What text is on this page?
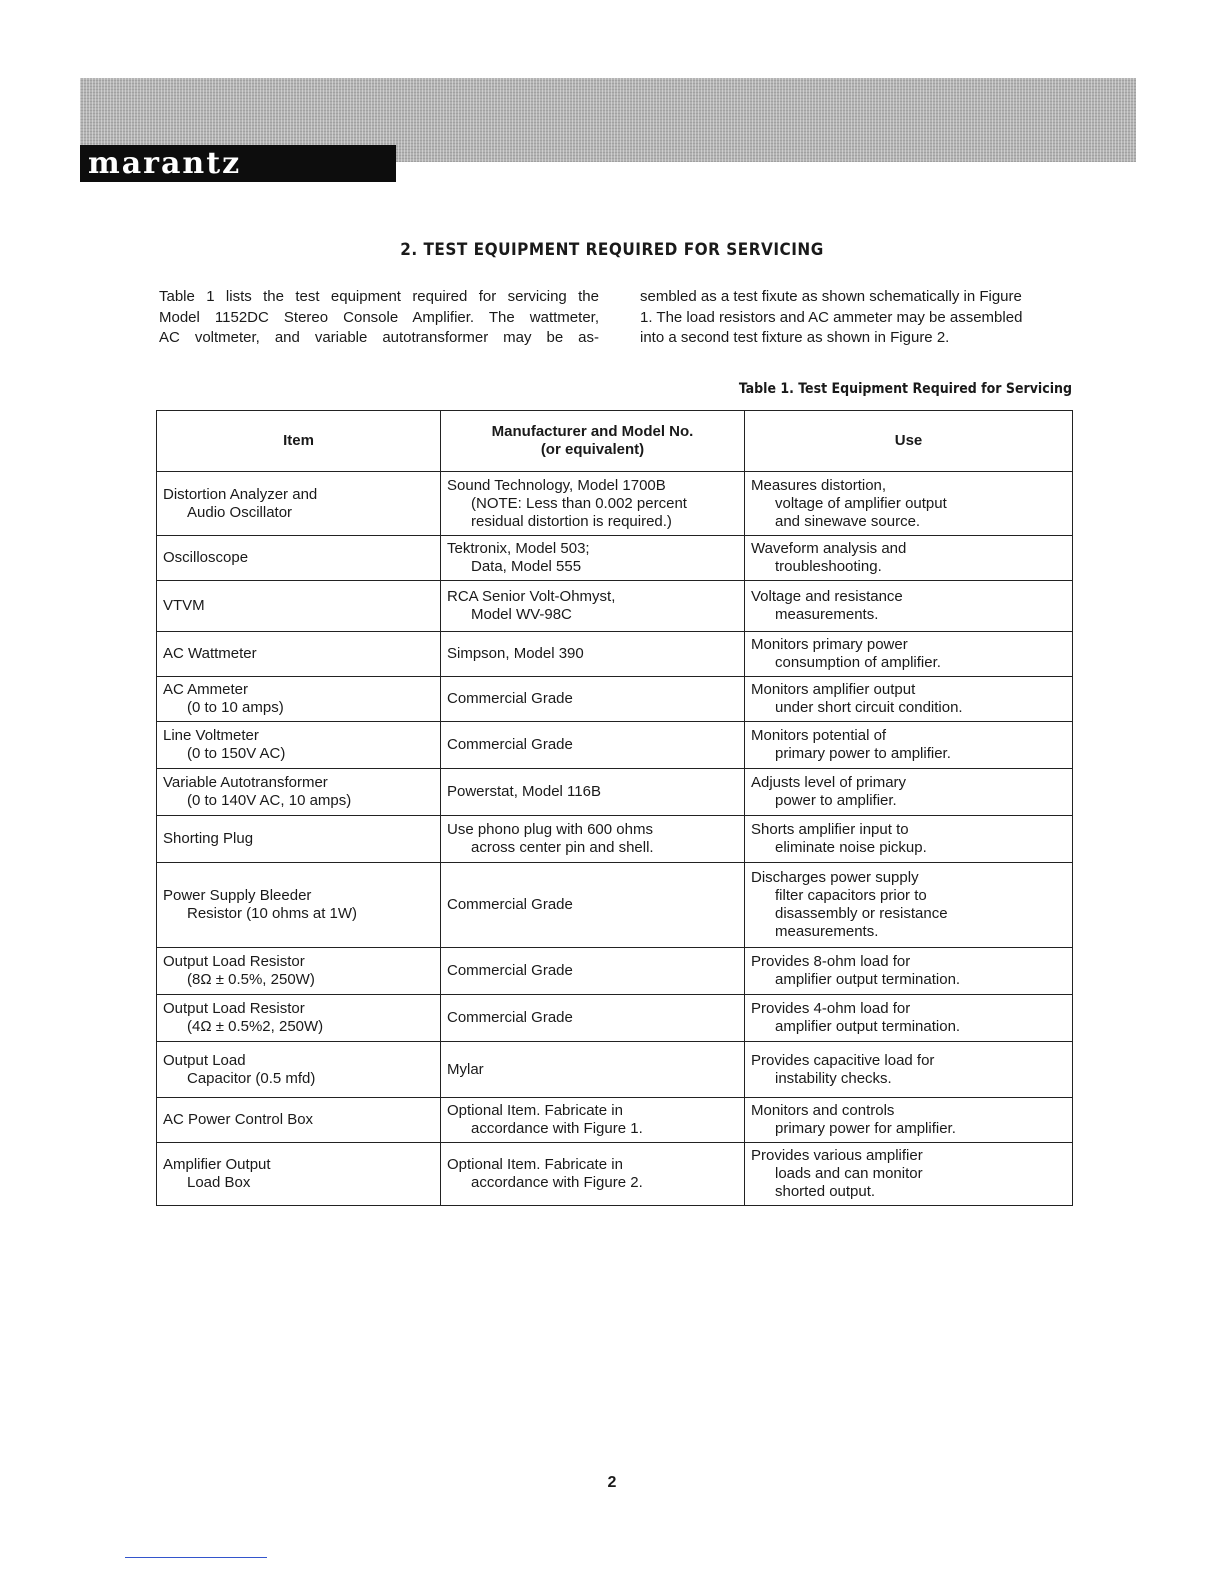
marantz
2. TEST EQUIPMENT REQUIRED FOR SERVICING
Table 1 lists the test equipment required for servicing the
Model 1152DC Stereo Console Amplifier. The wattmeter,
AC voltmeter, and variable autotransformer may be as-
sembled as a test fixute as shown schematically in Figure
1. The load resistors and AC ammeter may be assembled
into a second test fixture as shown in Figure 2.
Table 1. Test Equipment Required for Servicing
Item	Manufacturer and Model No.
(or equivalent)	Use

Distortion Analyzer and
Audio Oscillator	Sound Technology, Model 1700B
(NOTE: Less than 0.002 percent
residual distortion is required.)	Measures distortion,
voltage of amplifier output
and sinewave source.

Oscilloscope	Tektronix, Model 503;
Data, Model 555	Waveform analysis and
troubleshooting.

VTVM	RCA Senior Volt-Ohmyst,
Model WV-98C	Voltage and resistance
measurements.

AC Wattmeter	Simpson, Model 390	Monitors primary power
consumption of amplifier.

AC Ammeter
(0 to 10 amps)	Commercial Grade	Monitors amplifier output
under short circuit condition.

Line Voltmeter
(0 to 150V AC)	Commercial Grade	Monitors potential of
primary power to amplifier.

Variable Autotransformer
(0 to 140V AC, 10 amps)	Powerstat, Model 116B	Adjusts level of primary
power to amplifier.

Shorting Plug	Use phono plug with 600 ohms
across center pin and shell.	Shorts amplifier input to
eliminate noise pickup.

Power Supply Bleeder
Resistor (10 ohms at 1W)	Commercial Grade	Discharges power supply
filter capacitors prior to
disassembly or resistance
measurements.

Output Load Resistor
(8Ω ± 0.5%, 250W)	Commercial Grade	Provides 8-ohm load for
amplifier output termination.

Output Load Resistor
(4Ω ± 0.5%2, 250W)	Commercial Grade	Provides 4-ohm load for
amplifier output termination.

Output Load
Capacitor (0.5 mfd)	Mylar	Provides capacitive load for
instability checks.

AC Power Control Box	Optional Item. Fabricate in
accordance with Figure 1.	Monitors and controls
primary power for amplifier.

Amplifier Output
Load Box	Optional Item. Fabricate in
accordance with Figure 2.	Provides various amplifier
loads and can monitor
shorted output.
2
